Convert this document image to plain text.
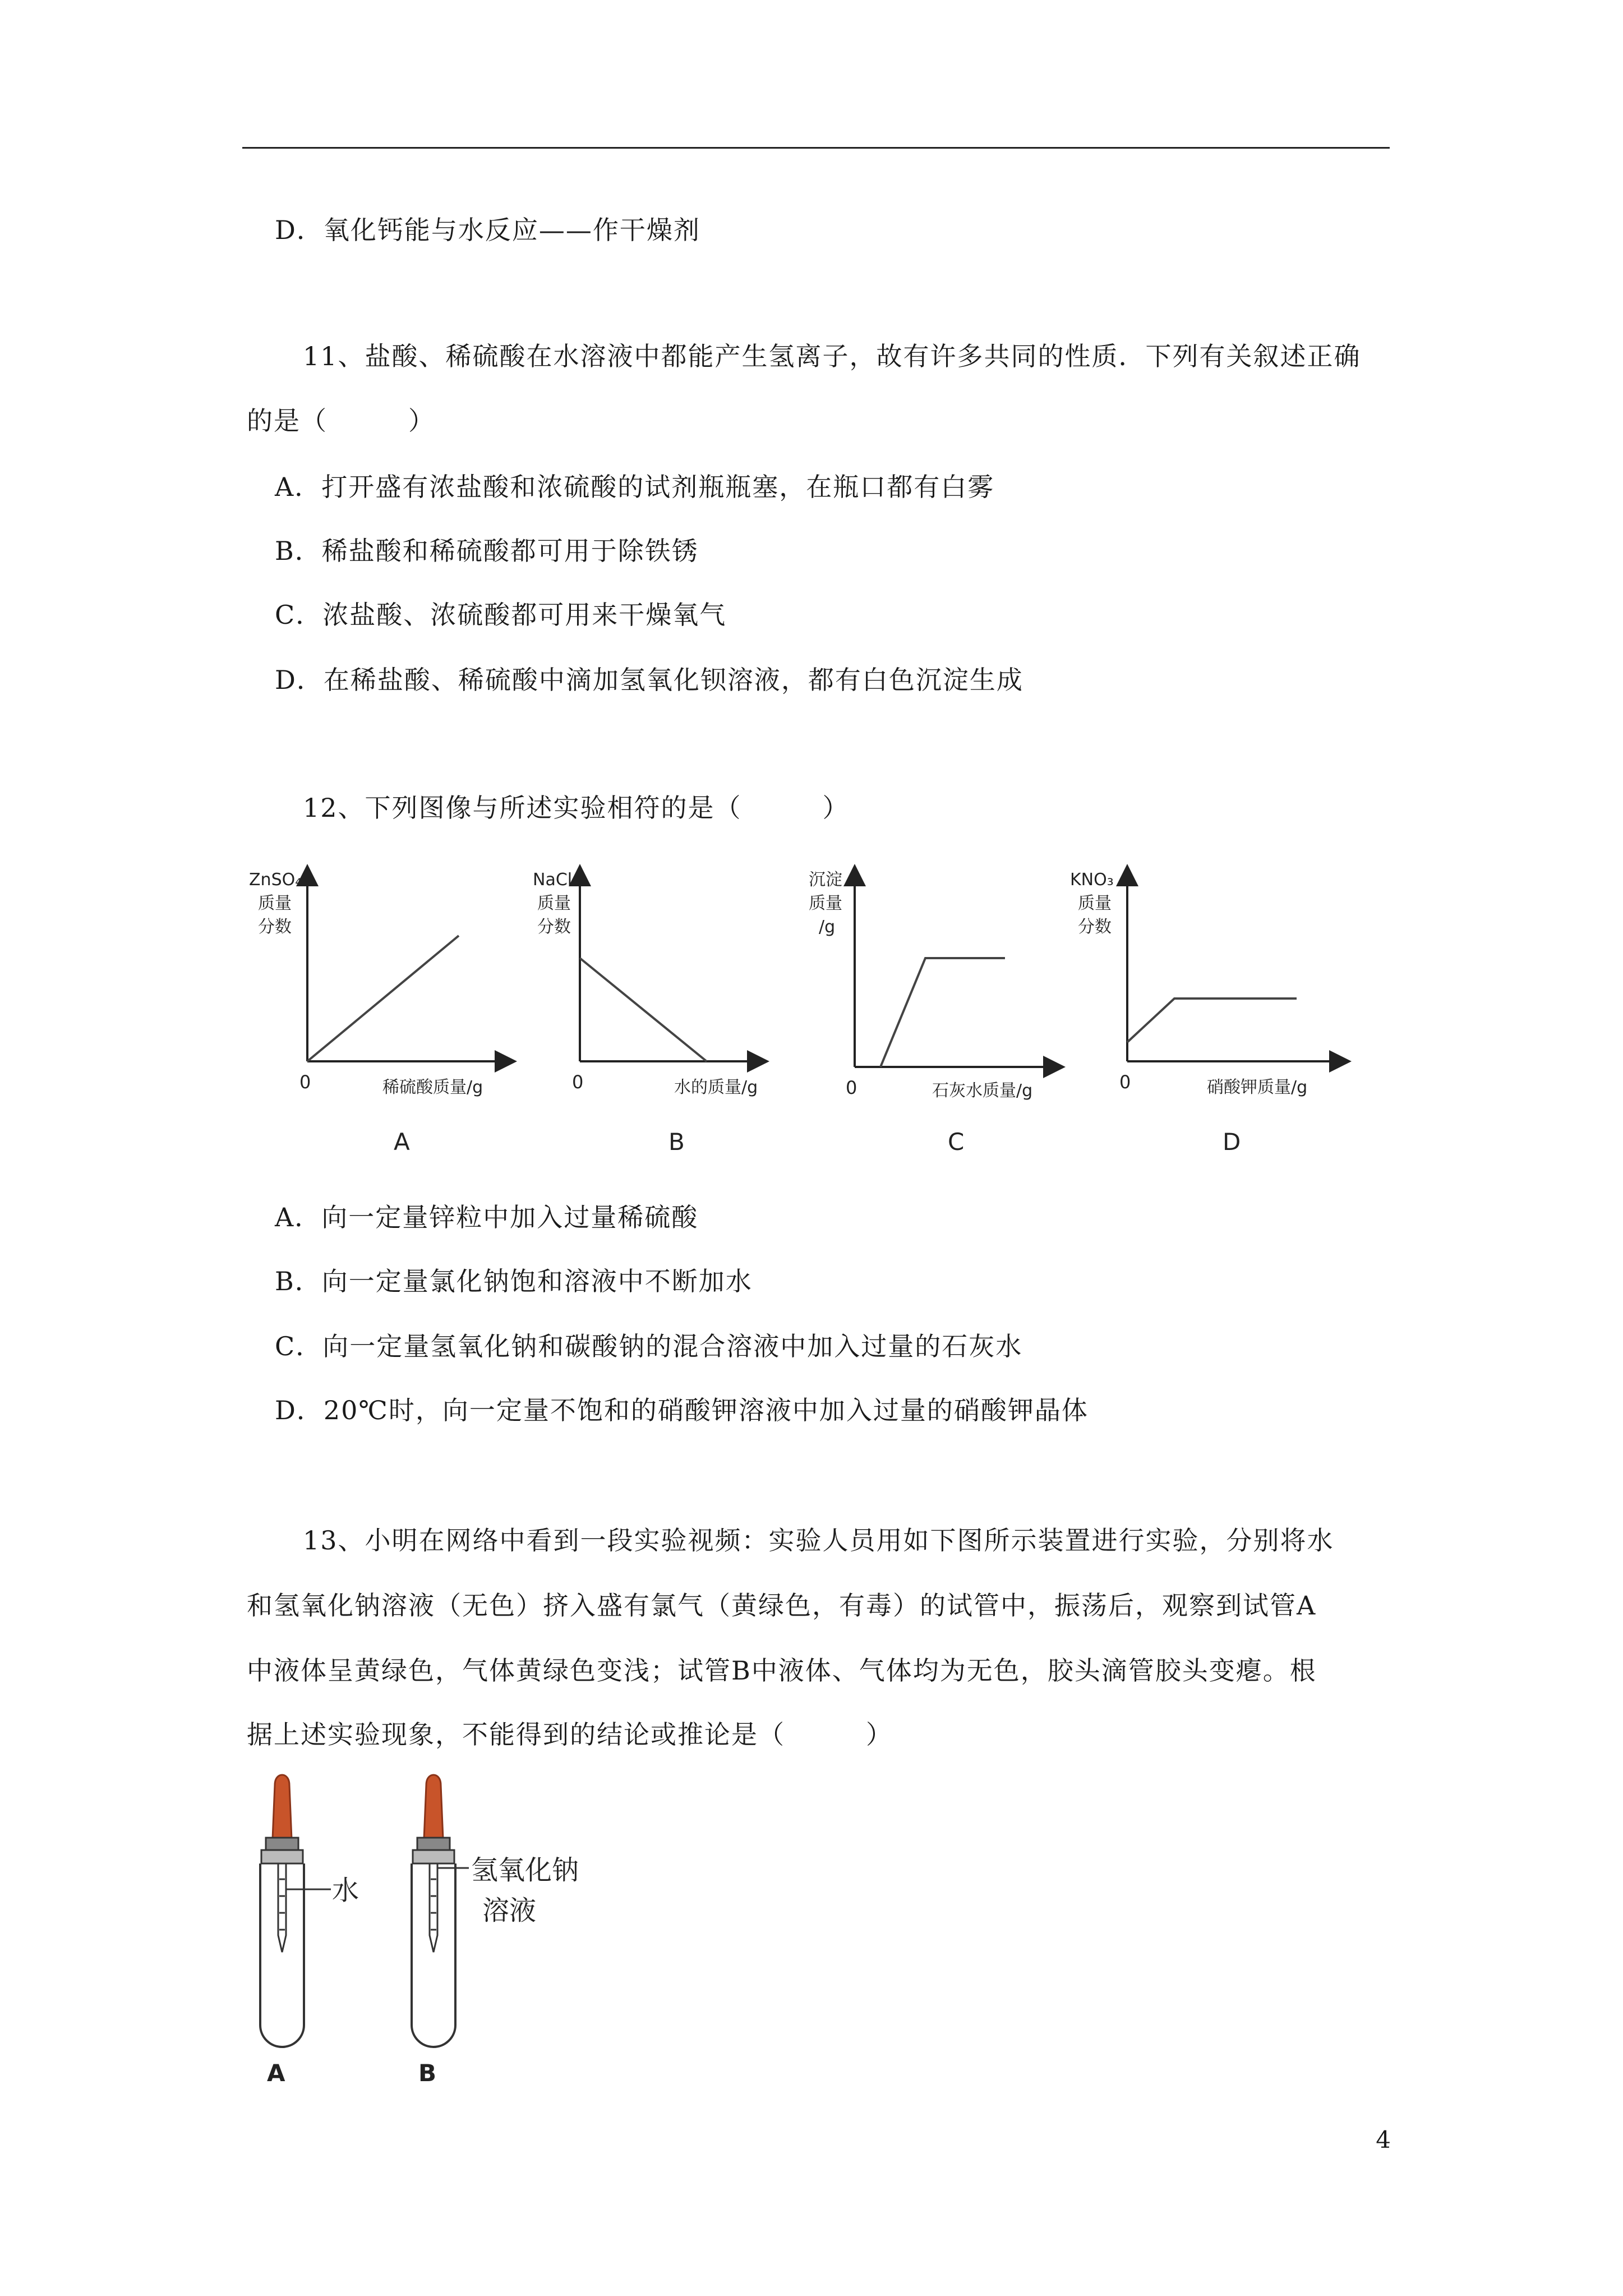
D．氧化钙能与水反应——作干燥剂
11、盐酸、稀硫酸在水溶液中都能产生氢离子，故有许多共同的性质．下列有关叙述正确
的是（　　　）
A．打开盛有浓盐酸和浓硫酸的试剂瓶瓶塞，在瓶口都有白雾
B．稀盐酸和稀硫酸都可用于除铁锈
C．浓盐酸、浓硫酸都可用来干燥氧气
D．在稀盐酸、稀硫酸中滴加氢氧化钡溶液，都有白色沉淀生成
12、下列图像与所述实验相符的是（　　　）
ZnSO₄
质量
分数
0	稀硫酸质量/g
A
NaCl
质量
分数
0	水的质量/g
B
沉淀
质量
/g
0	石灰水质量/g
C
KNO₃
质量
分数
0	硝酸钾质量/g
D
A．向一定量锌粒中加入过量稀硫酸
B．向一定量氯化钠饱和溶液中不断加水
C．向一定量氢氧化钠和碳酸钠的混合溶液中加入过量的石灰水
D．20℃时，向一定量不饱和的硝酸钾溶液中加入过量的硝酸钾晶体
13、小明在网络中看到一段实验视频：实验人员用如下图所示装置进行实验，分别将水
和氢氧化钠溶液（无色）挤入盛有氯气（黄绿色，有毒）的试管中，振荡后，观察到试管A
中液体呈黄绿色，气体黄绿色变浅；试管B中液体、气体均为无色，胶头滴管胶头变瘪。根
据上述实验现象，不能得到的结论或推论是（　　　）
水
A
氢氧化钠
溶液
B
4
